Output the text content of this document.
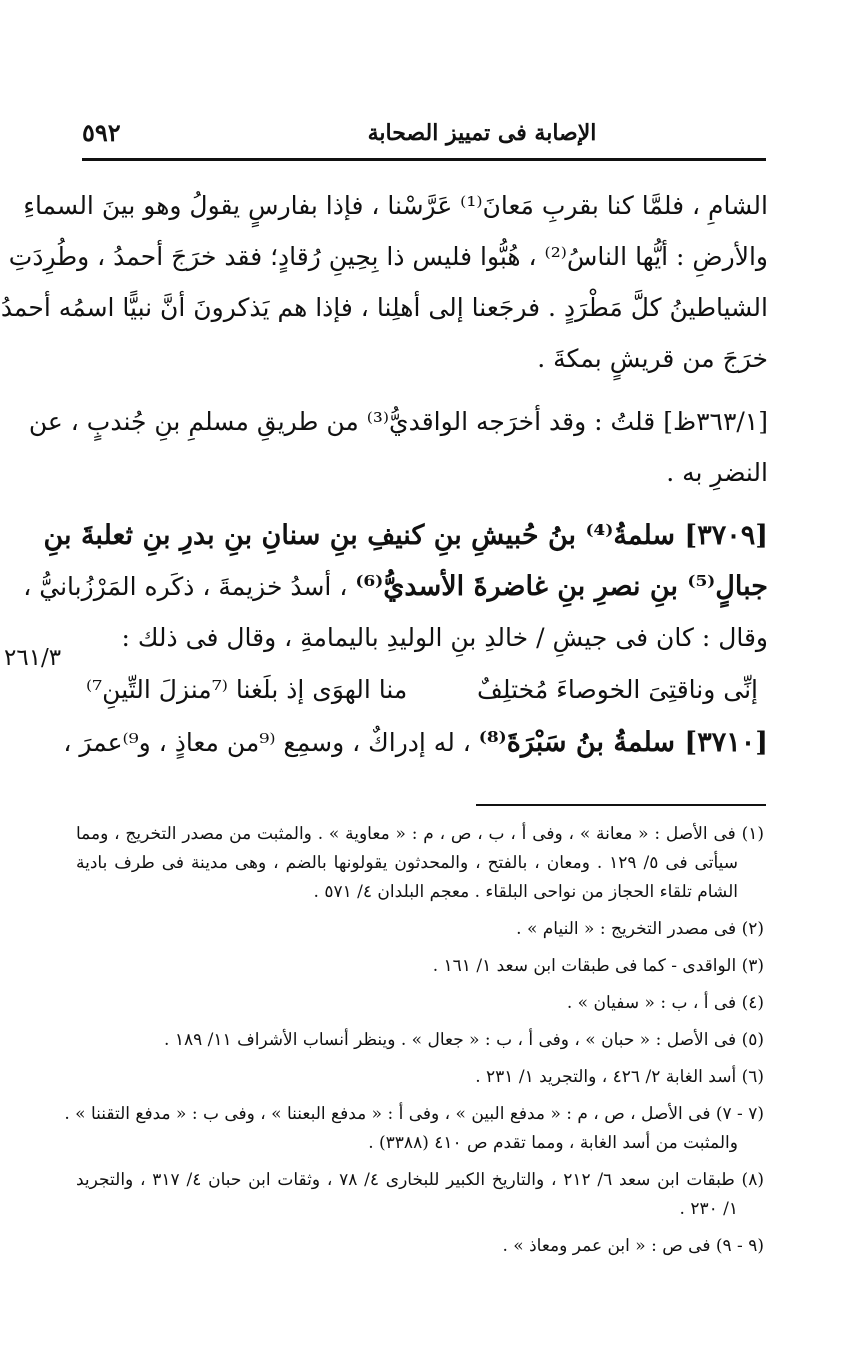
٥٩٢	الإصابة فى تمييز الصحابة
الشامِ ، فلمَّا كنا بقربِ مَعانَ⁽¹⁾ عَرَّسْنا ، فإذا بفارسٍ يقولُ وهو بينَ السماءِ
والأرضِ : أيُّها الناسُ⁽²⁾ ، هُبُّوا فليس ذا بِحِينِ رُقادٍ؛ فقد خرَجَ أحمدُ ، وطُرِدَتِ
الشياطينُ كلَّ مَطْرَدٍ . فرجَعنا إلى أهلِنا ، فإذا هم يَذكرونَ أنَّ نبيًّا اسمُه أحمدُ
خرَجَ من قريشٍ بمكةَ .
[٣٦٣/١ظ] قلتُ : وقد أخرَجه الواقديُّ⁽³⁾ من طريقِ مسلمِ بنِ جُندبٍ ، عن
النضرِ به .
[٣٧٠٩] سلمةُ⁽⁴⁾ بنُ حُبيشِ بنِ كنيفِ بنِ سنانِ بنِ بدرِ بنِ ثعلبةَ بنِ
جبالٍ⁽⁵⁾ بنِ نصرِ بنِ غاضرةَ الأسديُّ⁽⁶⁾ ، أسدُ خزيمةَ ، ذكَره المَرْزُبانيُّ ،
وقال : كان فى جيشِ / خالدِ بنِ الوليدِ باليمامةِ ، وقال فى ذلك :
إنِّى وناقتِىَ الخوصاءَ مُختلِفٌ
منا الهوَى إذ بلَغنا ⁽⁷منزلَ التِّينِ⁷⁾
[٣٧١٠] سلمةُ بنُ سَبْرَةَ⁽⁸⁾ ، له إدراكٌ ، وسمِع ⁽⁹من معاذٍ ، و⁹⁾عمرَ ،
٢٦١/٣
(١) فى الأصل : « معانة » ، وفى أ ، ب ، ص ، م : « معاوية » . والمثبت من مصدر التخريج ، ومما
سيأتى فى ٥/ ١٢٩ . ومعان ، بالفتح ، والمحدثون يقولونها بالضم ، وهى مدينة فى طرف بادية
الشام تلقاء الحجاز من نواحى البلقاء . معجم البلدان ٤/ ٥٧١ .
(٢) فى مصدر التخريج : « النيام » .
(٣) الواقدى - كما فى طبقات ابن سعد ١/ ١٦١ .
(٤) فى أ ، ب : « سفيان » .
(٥) فى الأصل : « حبان » ، وفى أ ، ب : « جعال » . وينظر أنساب الأشراف ١١/ ١٨٩ .
(٦) أسد الغابة ٢/ ٤٢٦ ، والتجريد ١/ ٢٣١ .
(٧ - ٧) فى الأصل ، ص ، م : « مدفع البين » ، وفى أ : « مدفع البعننا » ، وفى ب : « مدفع التقننا » .
والمثبت من أسد الغابة ، ومما تقدم ص ٤١٠ (٣٣٨٨) .
(٨) طبقات ابن سعد ٦/ ٢١٢ ، والتاريخ الكبير للبخارى ٤/ ٧٨ ، وثقات ابن حبان ٤/ ٣١٧ ، والتجريد
١/ ٢٣٠ .
(٩ - ٩) فى ص : « ابن عمر ومعاذ » .
